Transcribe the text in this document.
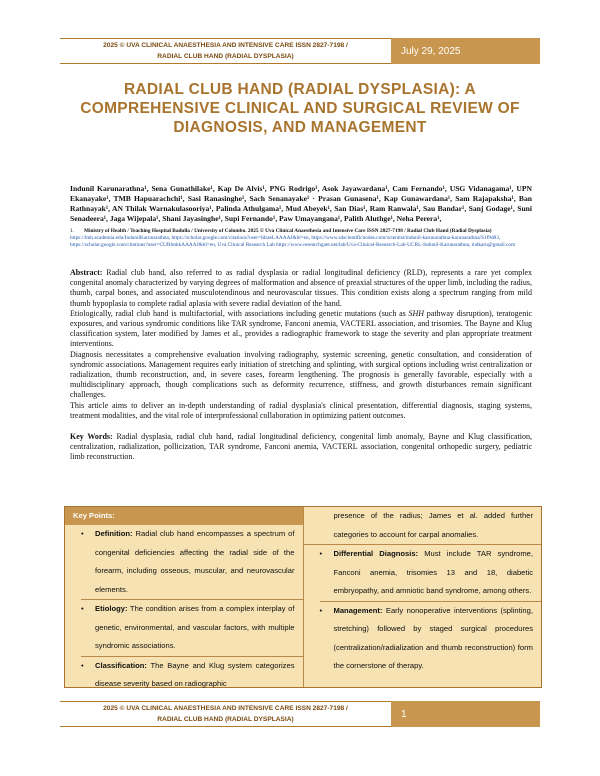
2025 © UVA CLINICAL ANAESTHESIA AND INTENSIVE CARE ISSN 2827-7198 /
RADIAL CLUB HAND (RADIAL DYSPLASIA)	July 29, 2025
RADIAL CLUB HAND (RADIAL DYSPLASIA): A COMPREHENSIVE CLINICAL AND SURGICAL REVIEW OF DIAGNOSIS, AND MANAGEMENT
Indunil Karunarathna¹, Sena Gunathilake¹, Kap De Alvis¹, PNG Rodrigo¹, Asok Jayawardana¹, Cam Fernando¹, USG Vidanagama¹, UPN Ekanayake¹, TMB Hapuarachchi¹, Sasi Ranasinghe¹, Sach Senanayake¹ · Prasan Gunasena¹, Kap Gunawardana¹, Sam Rajapaksha¹, Ban Rathnayak¹, AN Thilak Warnakulasooriya¹, Palinda Athulgama¹, Mud Abeyek¹, San Dias¹, Ram Ranwala¹, Sau Bandar¹, Sanj Godage¹, Suni Senadeera¹, Jaga Wijepala¹, Shani Jayasinghe¹, Supi Fernando¹, Paw Umayangana¹, Palith Aluthge¹, Neha Perera¹,
1. Ministry of Health / Teaching Hospital Badulla / University of Colombo. 2025 © Uva Clinical Anaesthesia and Intensive Care ISSN 2827-7198 / Radial Club Hand (Radial Dysplasia)
https://lmh.academia.edu/IndunilKarunarathna, https://scholar.google.com/citations?user=IdraeLAAAAJ&hl=en, https://www.sdscientificnodes.com/scientist/indunil-karunarathna-karunarathna/S1f9d83, https://scholar.google.com/citations?user=CURlmkkAAAAJ&hl=en, Uva Clinical Research Lab https://www.researchgate.net/lab/Uva-Clinical-Research-Lab-UCRL-Indunil-Karunarathna, indkaru@gmail.com

Abstract: Radial club hand, also referred to as radial dysplasia or radial longitudinal deficiency (RLD), represents a rare yet complex congenital anomaly characterized by varying degrees of malformation and absence of preaxial structures of the upper limb, including the radius, thumb, carpal bones, and associated musculotendinous and neurovascular tissues. This condition exists along a spectrum ranging from mild thumb hypoplasia to complete radial aplasia with severe radial deviation of the hand.

Etiologically, radial club hand is multifactorial, with associations including genetic mutations (such as SHH pathway disruption), teratogenic exposures, and various syndromic conditions like TAR syndrome, Fanconi anemia, VACTERL association, and trisomies. The Bayne and Klug classification system, later modified by James et al., provides a radiographic framework to stage the severity and plan appropriate treatment interventions.

Diagnosis necessitates a comprehensive evaluation involving radiography, systemic screening, genetic consultation, and consideration of syndromic associations. Management requires early initiation of stretching and splinting, with surgical options including wrist centralization or radialization, thumb reconstruction, and, in severe cases, forearm lengthening. The prognosis is generally favorable, especially with a multidisciplinary approach, though complications such as deformity recurrence, stiffness, and growth disturbances remain significant challenges.

This article aims to deliver an in-depth understanding of radial dysplasia's clinical presentation, differential diagnosis, staging systems, treatment modalities, and the vital role of interprofessional collaboration in optimizing patient outcomes.

Key Words: Radial dysplasia, radial club hand, radial longitudinal deficiency, congenital limb anomaly, Bayne and Klug classification, centralization, radialization, pollicization, TAR syndrome, Fanconi anemia, VACTERL association, congenital orthopedic surgery, pediatric limb reconstruction.
Key Points:
• Definition: Radial club hand encompasses a spectrum of congenital deficiencies affecting the radial side of the forearm, including osseous, muscular, and neurovascular elements.
• Etiology: The condition arises from a complex interplay of genetic, environmental, and vascular factors, with multiple syndromic associations.
• Classification: The Bayne and Klug system categorizes disease severity based on radiographic
presence of the radius; James et al. added further categories to account for carpal anomalies.
• Differential Diagnosis: Must include TAR syndrome, Fanconi anemia, trisomies 13 and 18, diabetic embryopathy, and amniotic band syndrome, among others.
• Management: Early nonoperative interventions (splinting, stretching) followed by staged surgical procedures (centralization/radialization and thumb reconstruction) form the cornerstone of therapy.
2025 © UVA CLINICAL ANAESTHESIA AND INTENSIVE CARE ISSN 2827-7198 /
RADIAL CLUB HAND (RADIAL DYSPLASIA)	1
